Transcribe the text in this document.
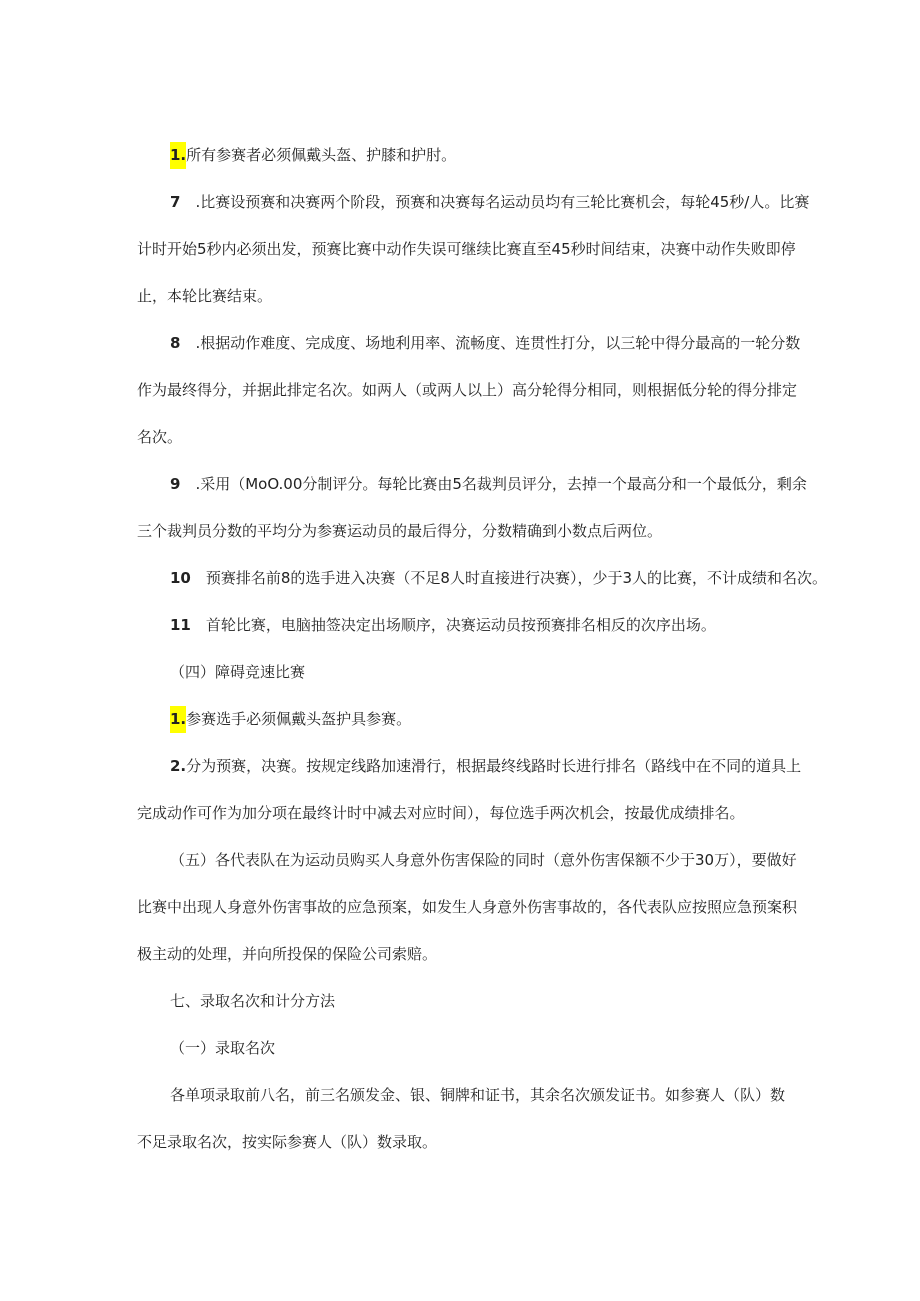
1.所有参赛者必须佩戴头盔、护膝和护肘。
7 .比赛设预赛和决赛两个阶段，预赛和决赛每名运动员均有三轮比赛机会，每轮45秒/人。比赛
计时开始5秒内必须出发，预赛比赛中动作失误可继续比赛直至45秒时间结束，决赛中动作失败即停
止，本轮比赛结束。
8 .根据动作难度、完成度、场地利用率、流畅度、连贯性打分，以三轮中得分最高的一轮分数
作为最终得分，并据此排定名次。如两人（或两人以上）高分轮得分相同，则根据低分轮的得分排定
名次。
9 .采用（MoO.00分制评分。每轮比赛由5名裁判员评分，去掉一个最高分和一个最低分，剩余
三个裁判员分数的平均分为参赛运动员的最后得分，分数精确到小数点后两位。
10 预赛排名前8的选手进入决赛（不足8人时直接进行决赛），少于3人的比赛，不计成绩和名次。
11 首轮比赛，电脑抽签决定出场顺序，决赛运动员按预赛排名相反的次序出场。
（四）障碍竞速比赛
1.参赛选手必须佩戴头盔护具参赛。
2.分为预赛，决赛。按规定线路加速滑行，根据最终线路时长进行排名（路线中在不同的道具上
完成动作可作为加分项在最终计时中减去对应时间），每位选手两次机会，按最优成绩排名。
（五）各代表队在为运动员购买人身意外伤害保险的同时（意外伤害保额不少于30万），要做好
比赛中出现人身意外伤害事故的应急预案，如发生人身意外伤害事故的，各代表队应按照应急预案积
极主动的处理，并向所投保的保险公司索赔。
七、录取名次和计分方法
（一）录取名次
各单项录取前八名，前三名颁发金、银、铜牌和证书，其余名次颁发证书。如参赛人（队）数
不足录取名次，按实际参赛人（队）数录取。
